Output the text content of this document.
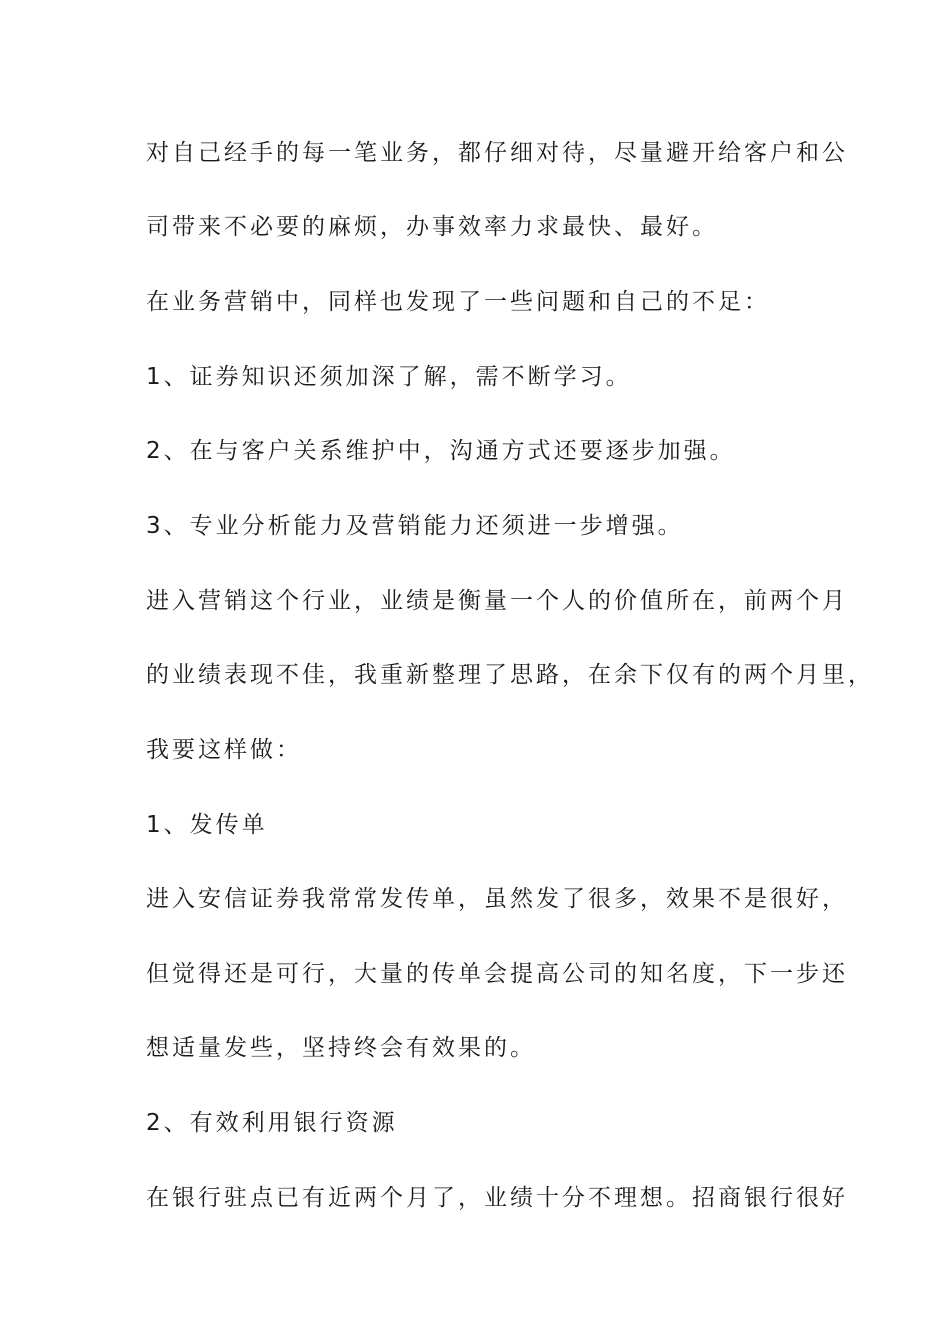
对自己经手的每一笔业务，都仔细对待，尽量避开给客户和公
司带来不必要的麻烦，办事效率力求最快、最好。
在业务营销中，同样也发现了一些问题和自己的不足：
1、证券知识还须加深了解，需不断学习。
2、在与客户关系维护中，沟通方式还要逐步加强。
3、专业分析能力及营销能力还须进一步增强。
进入营销这个行业，业绩是衡量一个人的价值所在，前两个月
的业绩表现不佳，我重新整理了思路，在余下仅有的两个月里，
我要这样做：
1、发传单
进入安信证券我常常发传单，虽然发了很多，效果不是很好，
但觉得还是可行，大量的传单会提高公司的知名度，下一步还
想适量发些，坚持终会有效果的。
2、有效利用银行资源
在银行驻点已有近两个月了，业绩十分不理想。招商银行很好
